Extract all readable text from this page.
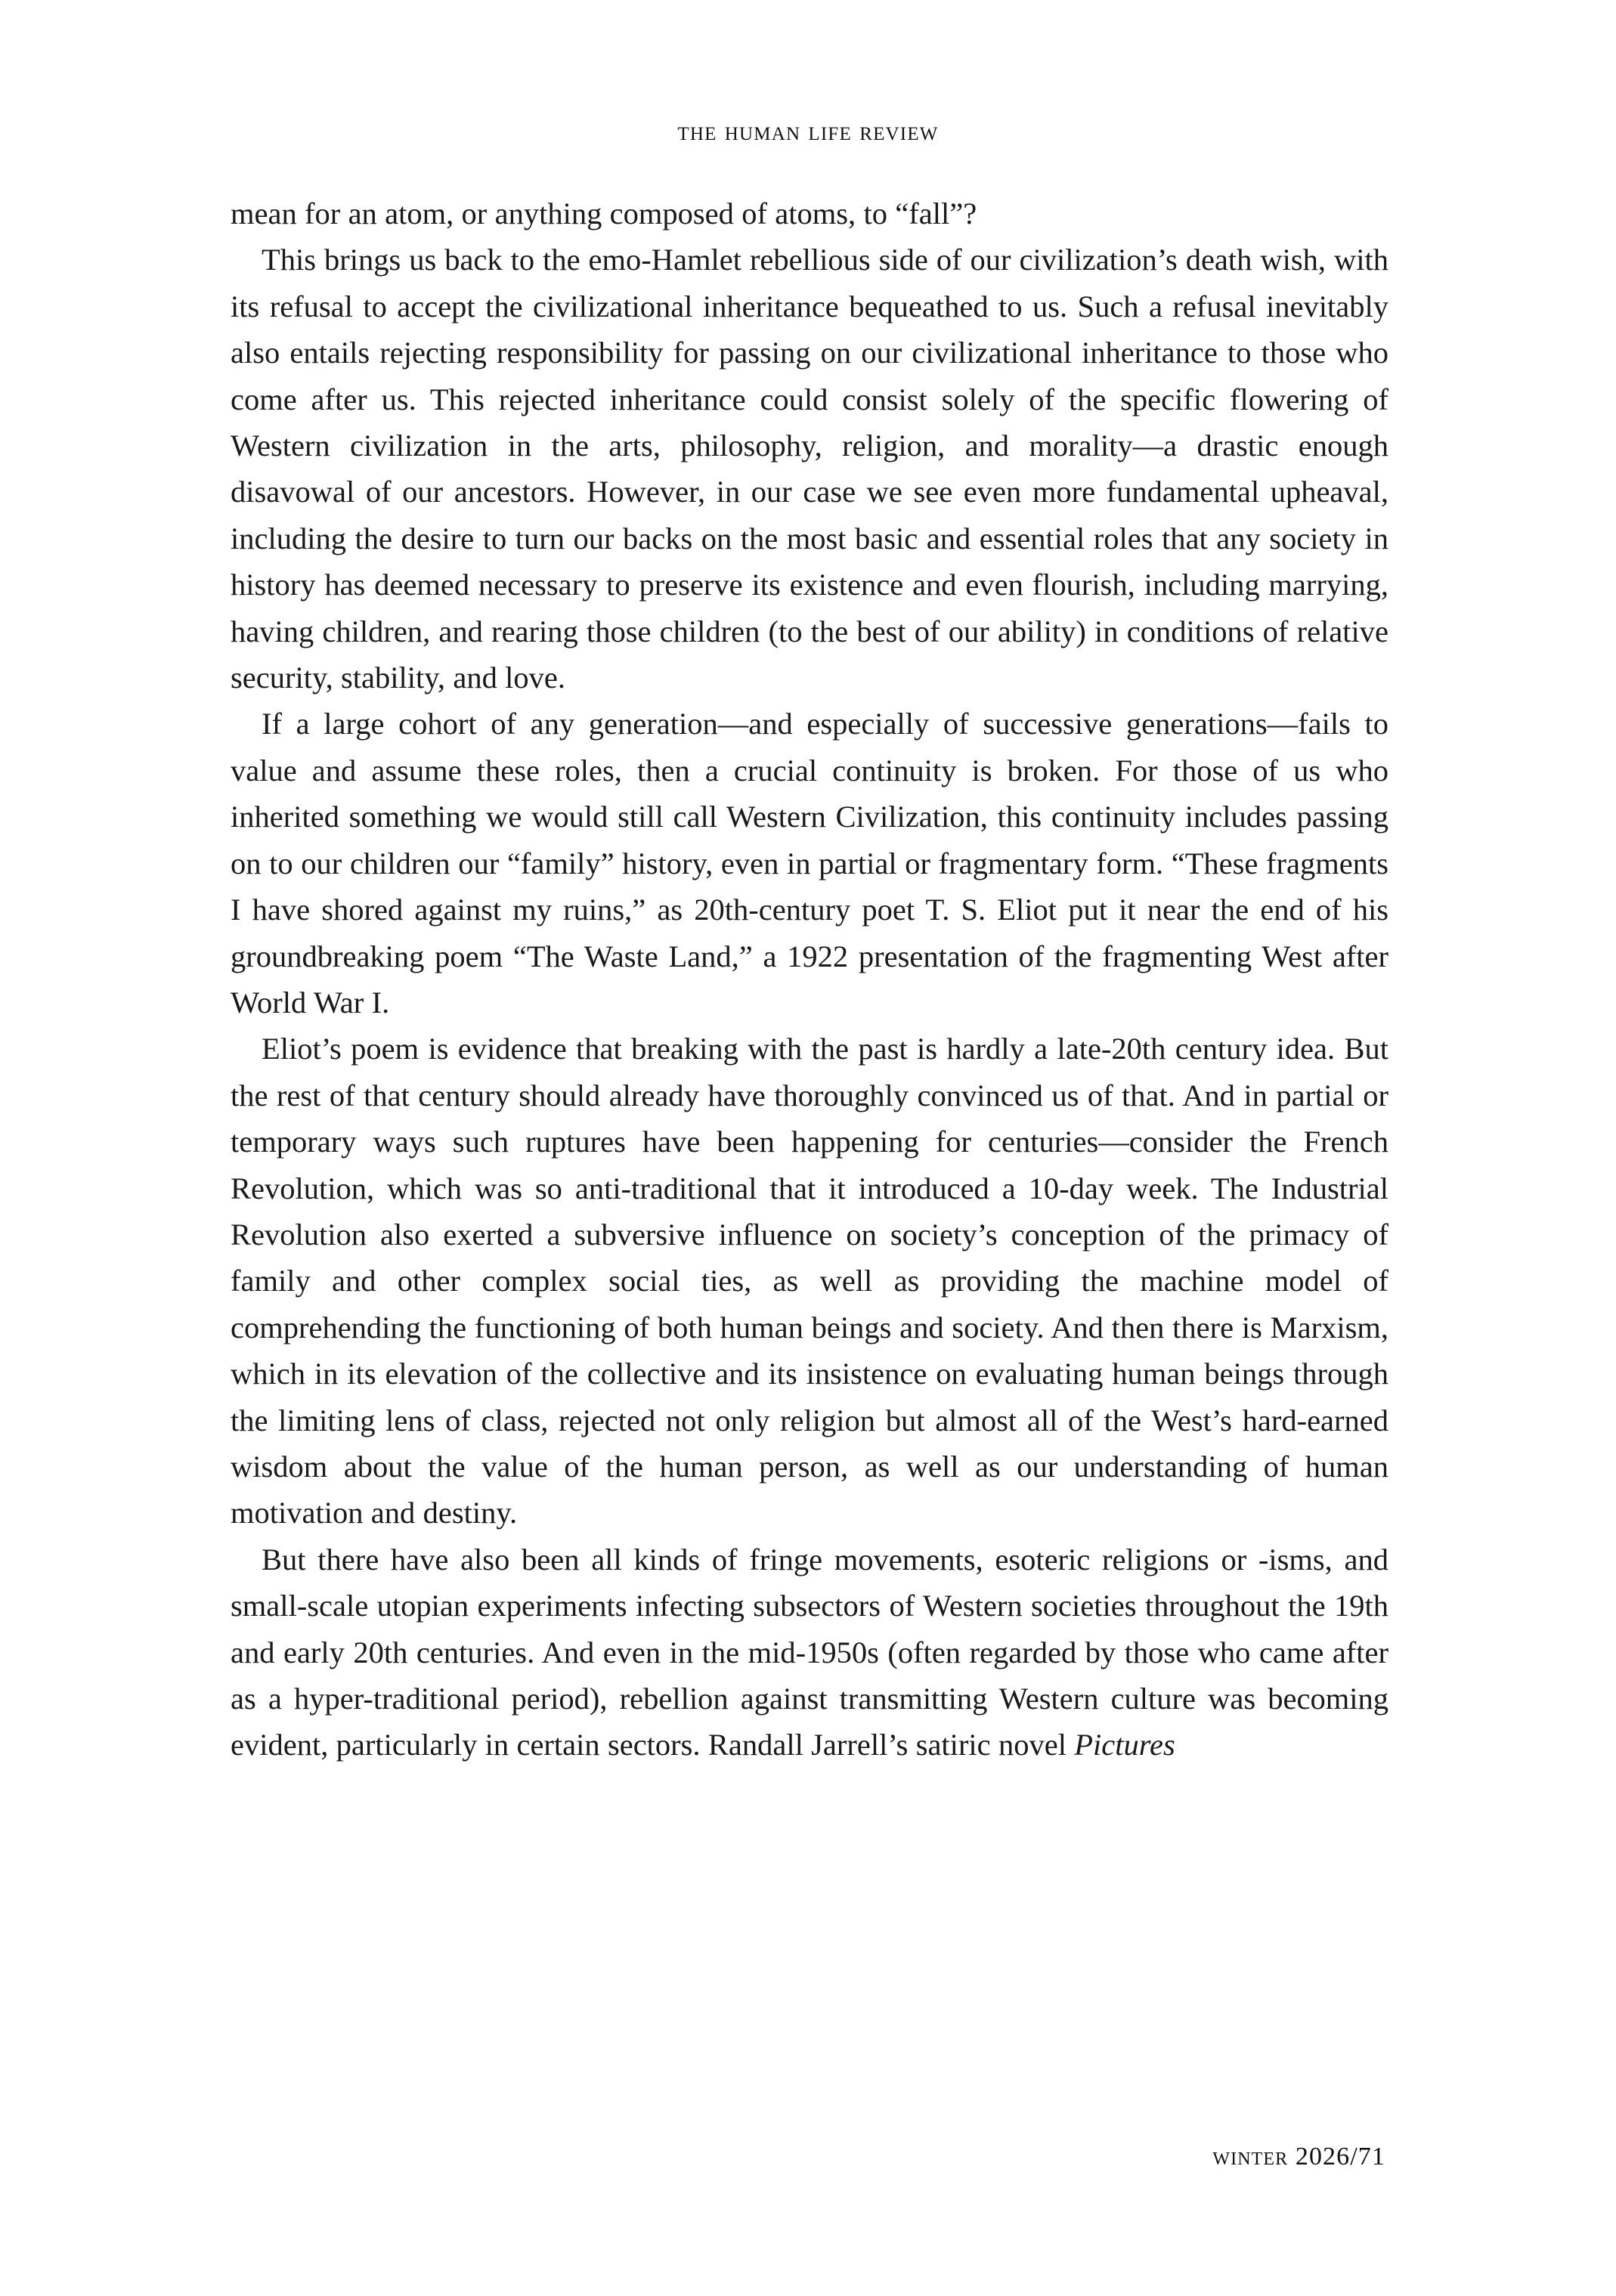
the human life review

mean for an atom, or anything composed of atoms, to “fall”?

This brings us back to the emo-Hamlet rebellious side of our civilization’s death wish, with its refusal to accept the civilizational inheritance bequeathed to us. Such a refusal inevitably also entails rejecting responsibility for passing on our civilizational inheritance to those who come after us. This rejected inheritance could consist solely of the specific flowering of Western civilization in the arts, philosophy, religion, and morality—a drastic enough disavowal of our ancestors. However, in our case we see even more fundamental upheaval, including the desire to turn our backs on the most basic and essential roles that any society in history has deemed necessary to preserve its existence and even flourish, including marrying, having children, and rearing those children (to the best of our ability) in conditions of relative security, stability, and love.

If a large cohort of any generation—and especially of successive generations—fails to value and assume these roles, then a crucial continuity is broken. For those of us who inherited something we would still call Western Civilization, this continuity includes passing on to our children our “family” history, even in partial or fragmentary form. “These fragments I have shored against my ruins,” as 20th-century poet T. S. Eliot put it near the end of his groundbreaking poem “The Waste Land,” a 1922 presentation of the fragmenting West after World War I.

Eliot’s poem is evidence that breaking with the past is hardly a late-20th century idea. But the rest of that century should already have thoroughly convinced us of that. And in partial or temporary ways such ruptures have been happening for centuries—consider the French Revolution, which was so anti-traditional that it introduced a 10-day week. The Industrial Revolution also exerted a subversive influence on society’s conception of the primacy of family and other complex social ties, as well as providing the machine model of comprehending the functioning of both human beings and society. And then there is Marxism, which in its elevation of the collective and its insistence on evaluating human beings through the limiting lens of class, rejected not only religion but almost all of the West’s hard-earned wisdom about the value of the human person, as well as our understanding of human motivation and destiny.

But there have also been all kinds of fringe movements, esoteric religions or -isms, and small-scale utopian experiments infecting subsectors of Western societies throughout the 19th and early 20th centuries. And even in the mid-1950s (often regarded by those who came after as a hyper-traditional period), rebellion against transmitting Western culture was becoming evident, particularly in certain sectors. Randall Jarrell’s satiric novel Pictures

winter 2026/71
